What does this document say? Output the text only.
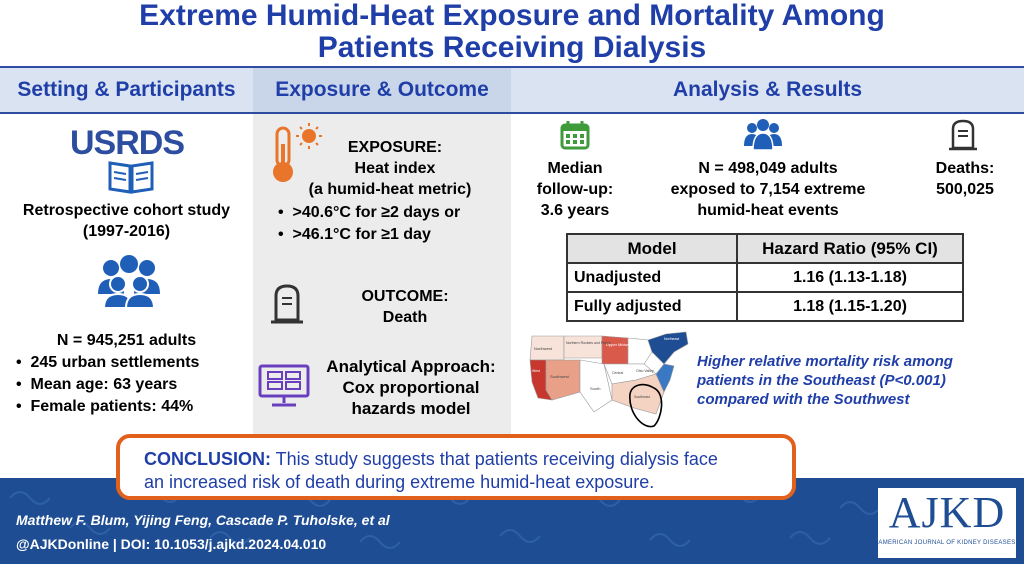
Extreme Humid-Heat Exposure and Mortality Among
Patients Receiving Dialysis
Setting & Participants	Exposure & Outcome	Analysis & Results
USRDS
Retrospective cohort study
(1997-2016)
N = 945,251 adults
•  245 urban settlements
•  Mean age: 63 years
•  Female patients: 44%
EXPOSURE:
Heat index
(a humid-heat metric)
•  >40.6°C for ≥2 days or
•  >46.1°C for ≥1 day
OUTCOME:
Death
Analytical Approach:
Cox proportional
hazards model
Median
follow-up:
3.6 years
N = 498,049 adults
exposed to 7,154 extreme
humid-heat events
Deaths:
500,025
Model	Hazard Ratio (95% CI)
Unadjusted	1.16 (1.13-1.18)
Fully adjusted	1.18 (1.15-1.20)
Northwest
Northern Rockies and Plains
Upper Midwest
Southwest
South
Ohio Valley
Southeast
Central
Northeast
West
Higher relative mortality risk among
patients in the Southeast (P<0.001)
compared with the Southwest
Matthew F. Blum, Yijing Feng, Cascade P. Tuholske, et al
@AJKDonline | DOI: 10.1053/j.ajkd.2024.04.010
AJKD
AMERICAN JOURNAL OF KIDNEY DISEASES
CONCLUSION: This study suggests that patients receiving dialysis face
an increased risk of death during extreme humid-heat exposure.
